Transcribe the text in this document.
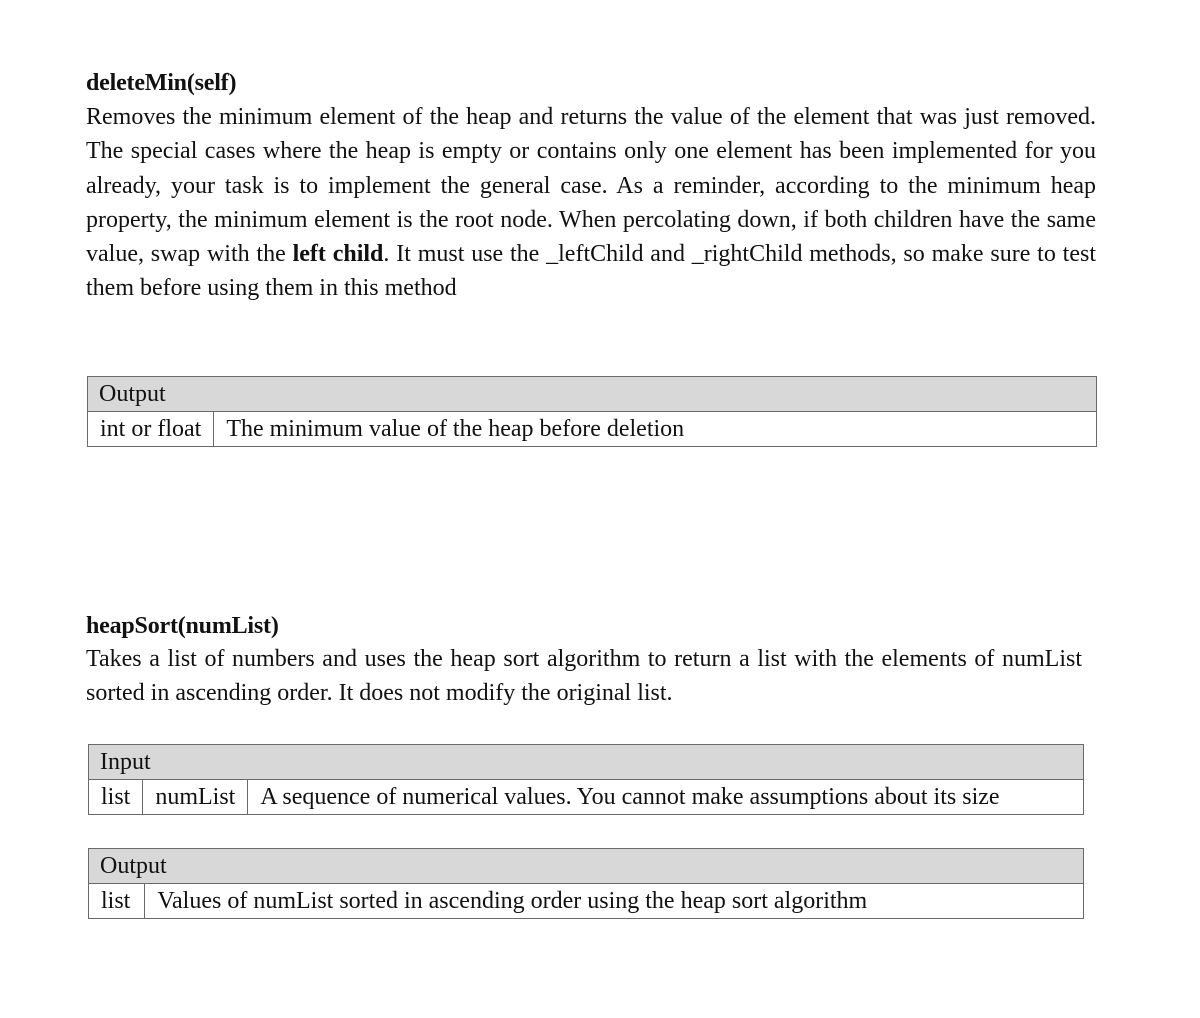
deleteMin(self)

Removes the minimum element of the heap and returns the value of the element that was just removed. The special cases where the heap is empty or contains only one element has been implemented for you already, your task is to implement the general case. As a reminder, according to the minimum heap property, the minimum element is the root node. When percolating down, if both children have the same value, swap with the left child. It must use the _leftChild and _rightChild methods, so make sure to test them before using them in this method

Output
int or float	The minimum value of the heap before deletion

heapSort(numList)

Takes a list of numbers and uses the heap sort algorithm to return a list with the elements of numList sorted in ascending order. It does not modify the original list.

Input
list	numList	A sequence of numerical values. You cannot make assumptions about its size
Output
list	Values of numList sorted in ascending order using the heap sort algorithm
